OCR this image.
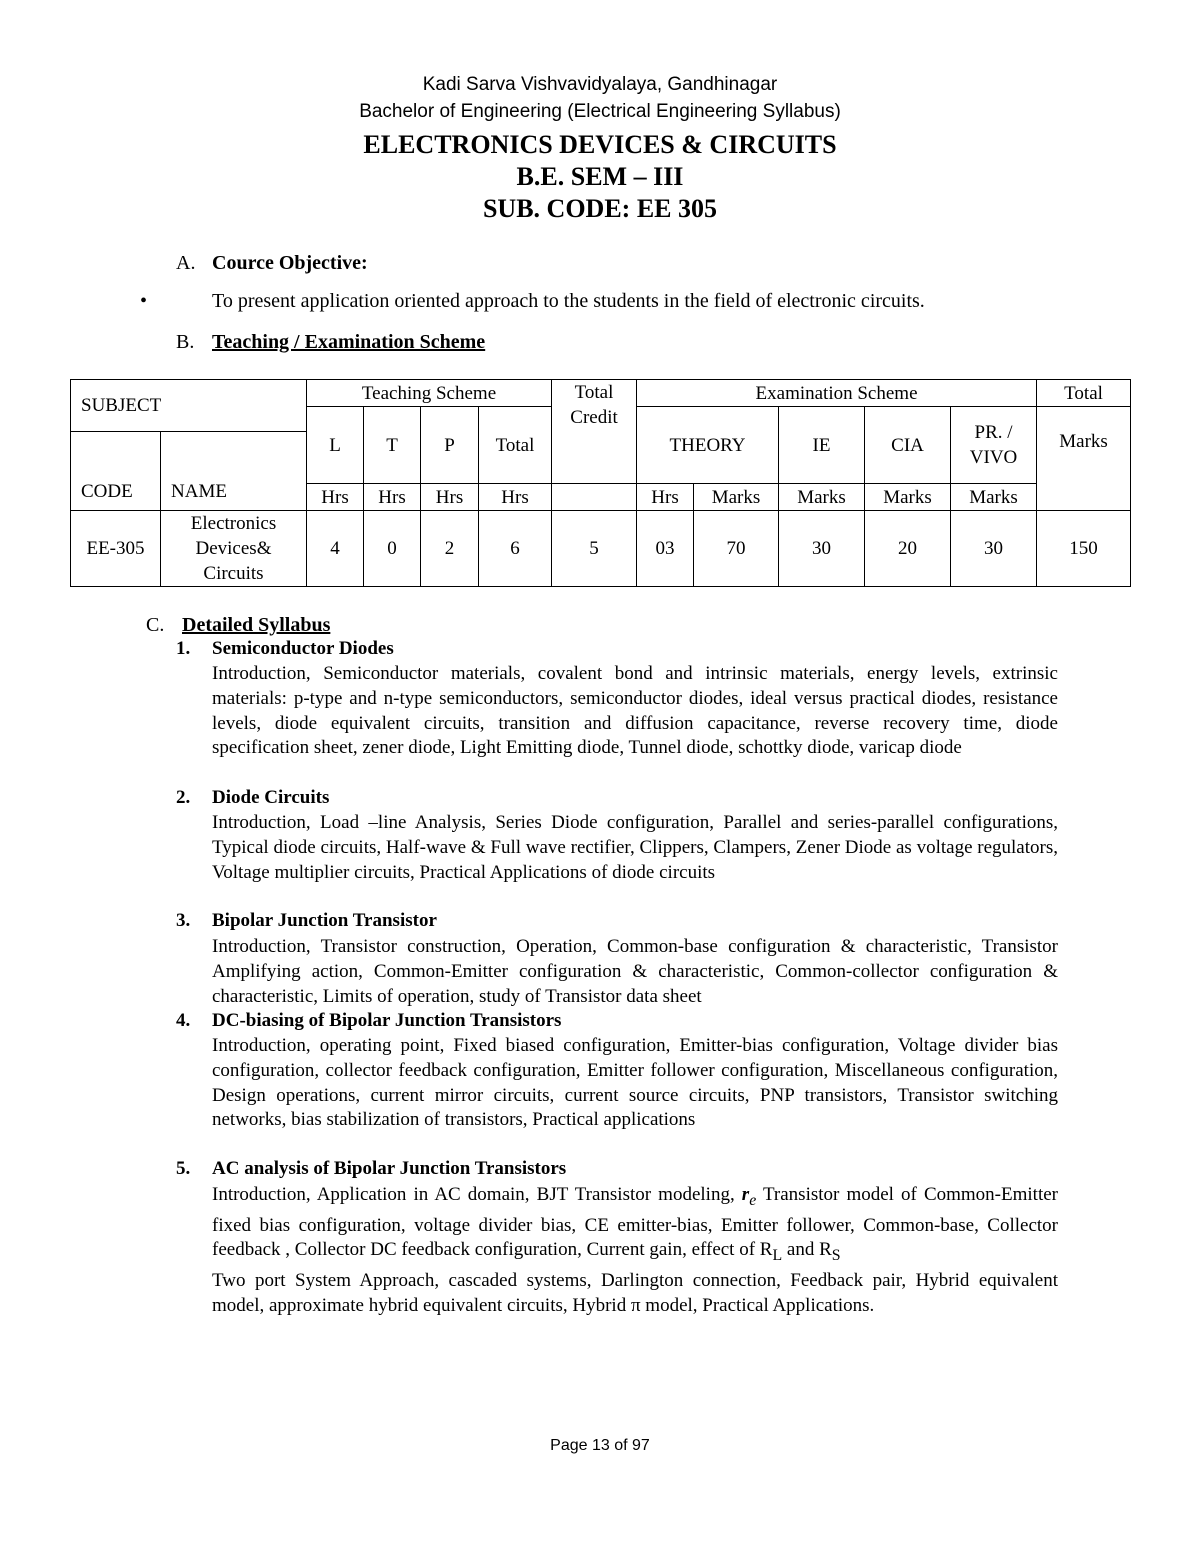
Kadi Sarva Vishvavidyalaya, Gandhinagar
Bachelor of Engineering (Electrical Engineering Syllabus)
ELECTRONICS DEVICES & CIRCUITS
B.E. SEM – III
SUB. CODE: EE 305
A. Cource Objective:
•	To present application oriented approach to the students in the field of electronic circuits.
B. Teaching / Examination Scheme
SUBJECT		Teaching Scheme				Total Credit	Examination Scheme					Total
		L	T	P	Total		THEORY		IE	CIA	PR. / VIVO	Marks
CODE	NAME											
		Hrs	Hrs	Hrs	Hrs		Hrs	Marks	Marks	Marks	Marks	
EE-305	Electronics Devices& Circuits	4	0	2	6	5	03	70	30	20	30	150
C. Detailed Syllabus
1. Semiconductor Diodes
Introduction, Semiconductor materials, covalent bond and intrinsic materials, energy levels, extrinsic materials: p-type and n-type semiconductors, semiconductor diodes, ideal versus practical diodes, resistance levels, diode equivalent circuits, transition and diffusion capacitance, reverse recovery time, diode specification sheet, zener diode, Light Emitting diode, Tunnel diode, schottky diode, varicap diode
2. Diode Circuits
Introduction, Load –line Analysis, Series Diode configuration, Parallel and series-parallel configurations, Typical diode circuits, Half-wave & Full wave rectifier, Clippers, Clampers, Zener Diode as voltage regulators, Voltage multiplier circuits, Practical Applications of diode circuits
3. Bipolar Junction Transistor
Introduction, Transistor construction, Operation, Common-base configuration & characteristic, Transistor Amplifying action, Common-Emitter configuration & characteristic, Common-collector configuration & characteristic, Limits of operation, study of Transistor data sheet
4. DC-biasing of Bipolar Junction Transistors
Introduction, operating point, Fixed biased configuration, Emitter-bias configuration, Voltage divider bias configuration, collector feedback configuration, Emitter follower configuration, Miscellaneous configuration, Design operations, current mirror circuits, current source circuits, PNP transistors, Transistor switching networks, bias stabilization of transistors, Practical applications
5. AC analysis of Bipolar Junction Transistors

Introduction, Application in AC domain, BJT Transistor modeling, $r_e$ Transistor model of Common-Emitter fixed bias configuration, voltage divider bias, CE emitter-bias, Emitter follower, Common-base, Collector feedback , Collector DC feedback configuration, Current gain, effect of $R_L$ and $R_S$

Two port System Approach, cascaded systems, Darlington connection, Feedback pair, Hybrid equivalent model, approximate hybrid equivalent circuits, Hybrid π model, Practical Applications.

Page 13 of 97
